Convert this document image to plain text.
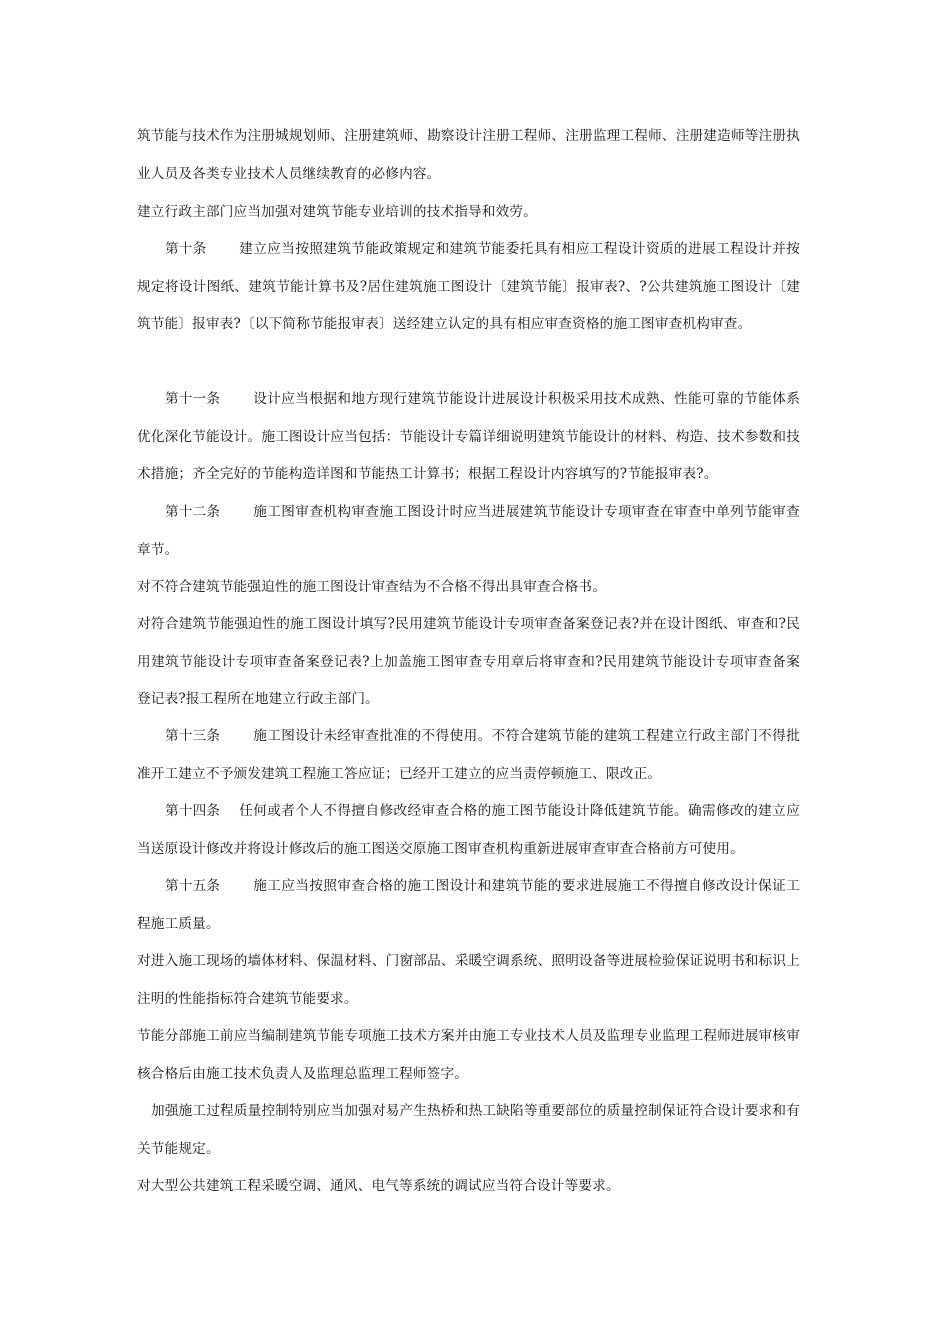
筑节能与技术作为注册城规划师、注册建筑师、勘察设计注册工程师、注册监理工程师、注册建造师等注册执业人员及各类专业技术人员继续教育的必修内容。

建立行政主部门应当加强对建筑节能专业培训的技术指导和效劳。

第十条 建立应当按照建筑节能政策规定和建筑节能委托具有相应工程设计资质的进展工程设计并按规定将设计图纸、建筑节能计算书及?居住建筑施工图设计〔建筑节能〕报审表?、?公共建筑施工图设计〔建筑节能〕报审表?〔以下简称节能报审表〕送经建立认定的具有相应审查资格的施工图审查机构审查。

第十一条 设计应当根据和地方现行建筑节能设计进展设计积极采用技术成熟、性能可靠的节能体系优化深化节能设计。施工图设计应当包括：节能设计专篇详细说明建筑节能设计的材料、构造、技术参数和技术措施；齐全完好的节能构造详图和节能热工计算书；根据工程设计内容填写的?节能报审表?。

第十二条 施工图审查机构审查施工图设计时应当进展建筑节能设计专项审查在审查中单列节能审查章节。

对不符合建筑节能强迫性的施工图设计审查结为不合格不得出具审查合格书。

对符合建筑节能强迫性的施工图设计填写?民用建筑节能设计专项审查备案登记表?并在设计图纸、审查和?民用建筑节能设计专项审查备案登记表?上加盖施工图审查专用章后将审查和?民用建筑节能设计专项审查备案登记表?报工程所在地建立行政主部门。

第十三条 施工图设计未经审查批准的不得使用。不符合建筑节能的建筑工程建立行政主部门不得批准开工建立不予颁发建筑工程施工答应证；已经开工建立的应当责停顿施工、限改正。

第十四条 任何或者个人不得擅自修改经审查合格的施工图节能设计降低建筑节能。确需修改的建立应当送原设计修改并将设计修改后的施工图送交原施工图审查机构重新进展审查审查合格前方可使用。

第十五条 施工应当按照审查合格的施工图设计和建筑节能的要求进展施工不得擅自修改设计保证工程施工质量。

对进入施工现场的墙体材料、保温材料、门窗部品、采暖空调系统、照明设备等进展检验保证说明书和标识上注明的性能指标符合建筑节能要求。

节能分部施工前应当编制建筑节能专项施工技术方案并由施工专业技术人员及监理专业监理工程师进展审核审核合格后由施工技术负责人及监理总监理工程师签字。

加强施工过程质量控制特别应当加强对易产生热桥和热工缺陷等重要部位的质量控制保证符合设计要求和有关节能规定。

对大型公共建筑工程采暖空调、通风、电气等系统的调试应当符合设计等要求。
